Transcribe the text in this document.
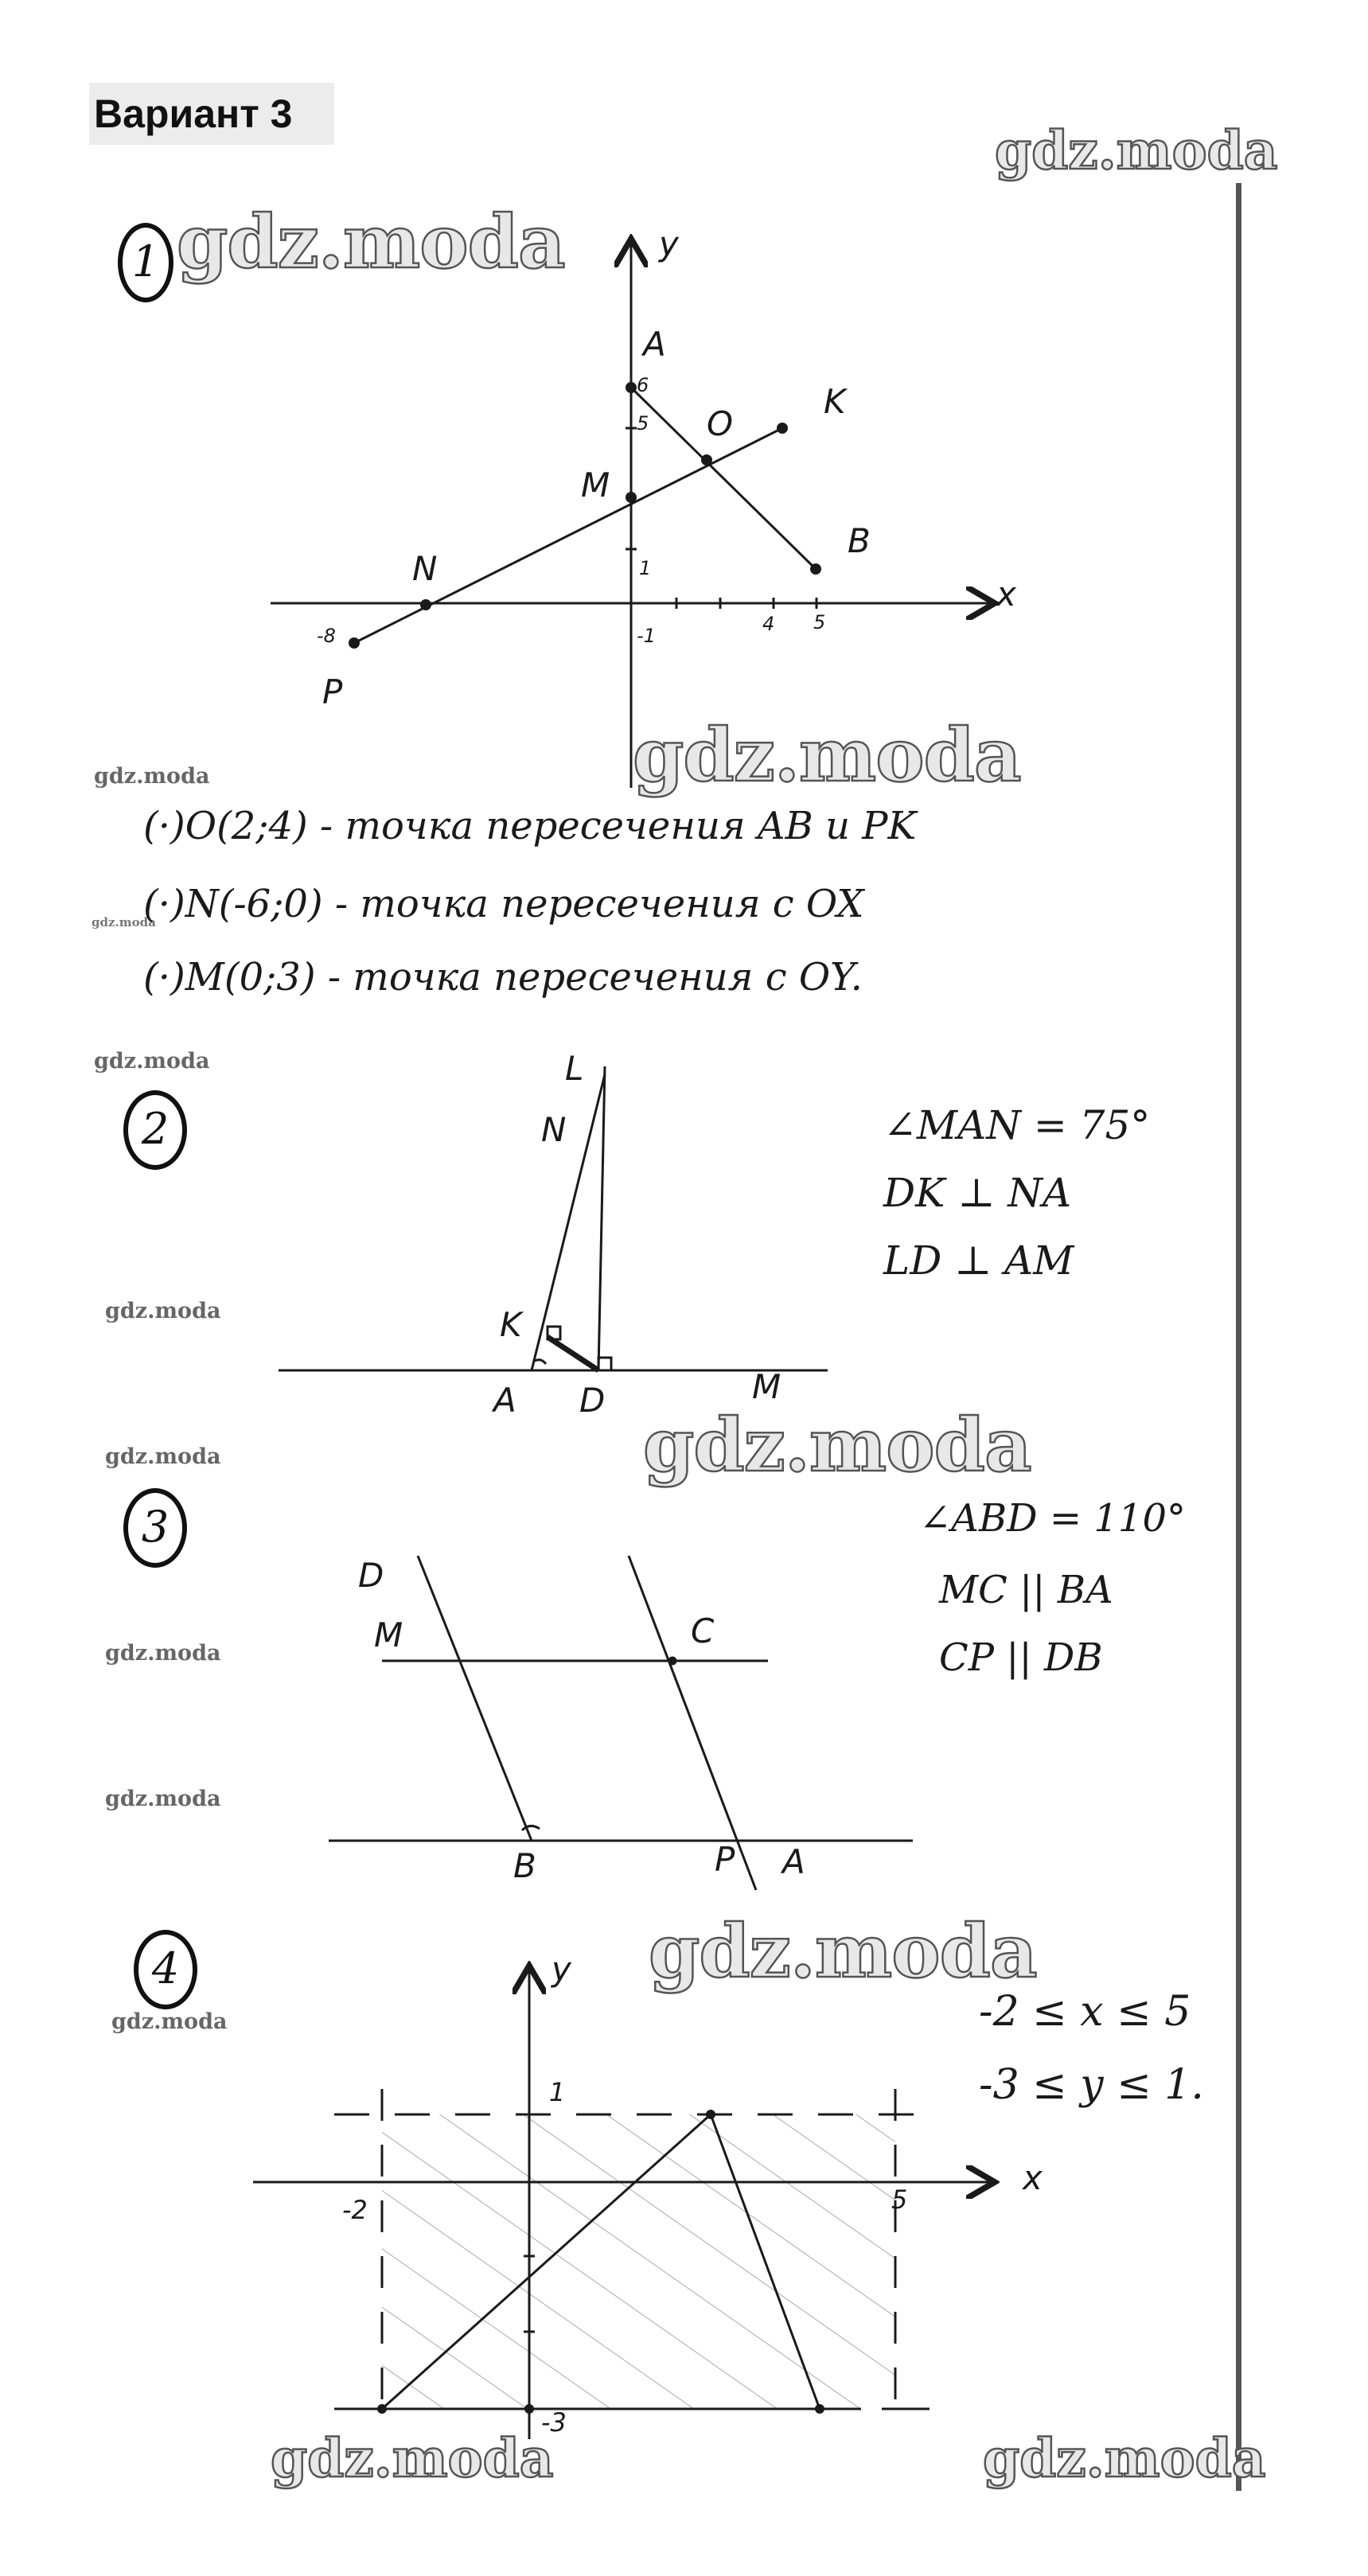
Вариант 3
gdz.moda
gdz.moda
gdz.moda
gdz.moda
gdz.moda
gdz.moda	gdz.moda
gdz.moda
gdz.moda
gdz.moda
gdz.moda
gdz.moda
gdz.moda
gdz.moda
gdz.moda
1	y
x
A
O
K
M
B
N
P
6
5
1
-8	-1
4 5
(·)O(2;4) - точка пересечения AB и PK
(·)N(-6;0) - точка пересечения с OX
(·)M(0;3) - точка пересечения с OY.
2
L
N
K
A D	M
∠MAN = 75°
DK ⊥ NA
LD ⊥ AM
3
D
M	C
B	P A
∠ABD = 110°
MC || BA
CP || DB
4	y
x
1
-2	5
-3
-2 ≤ x ≤ 5
-3 ≤ y ≤ 1.
